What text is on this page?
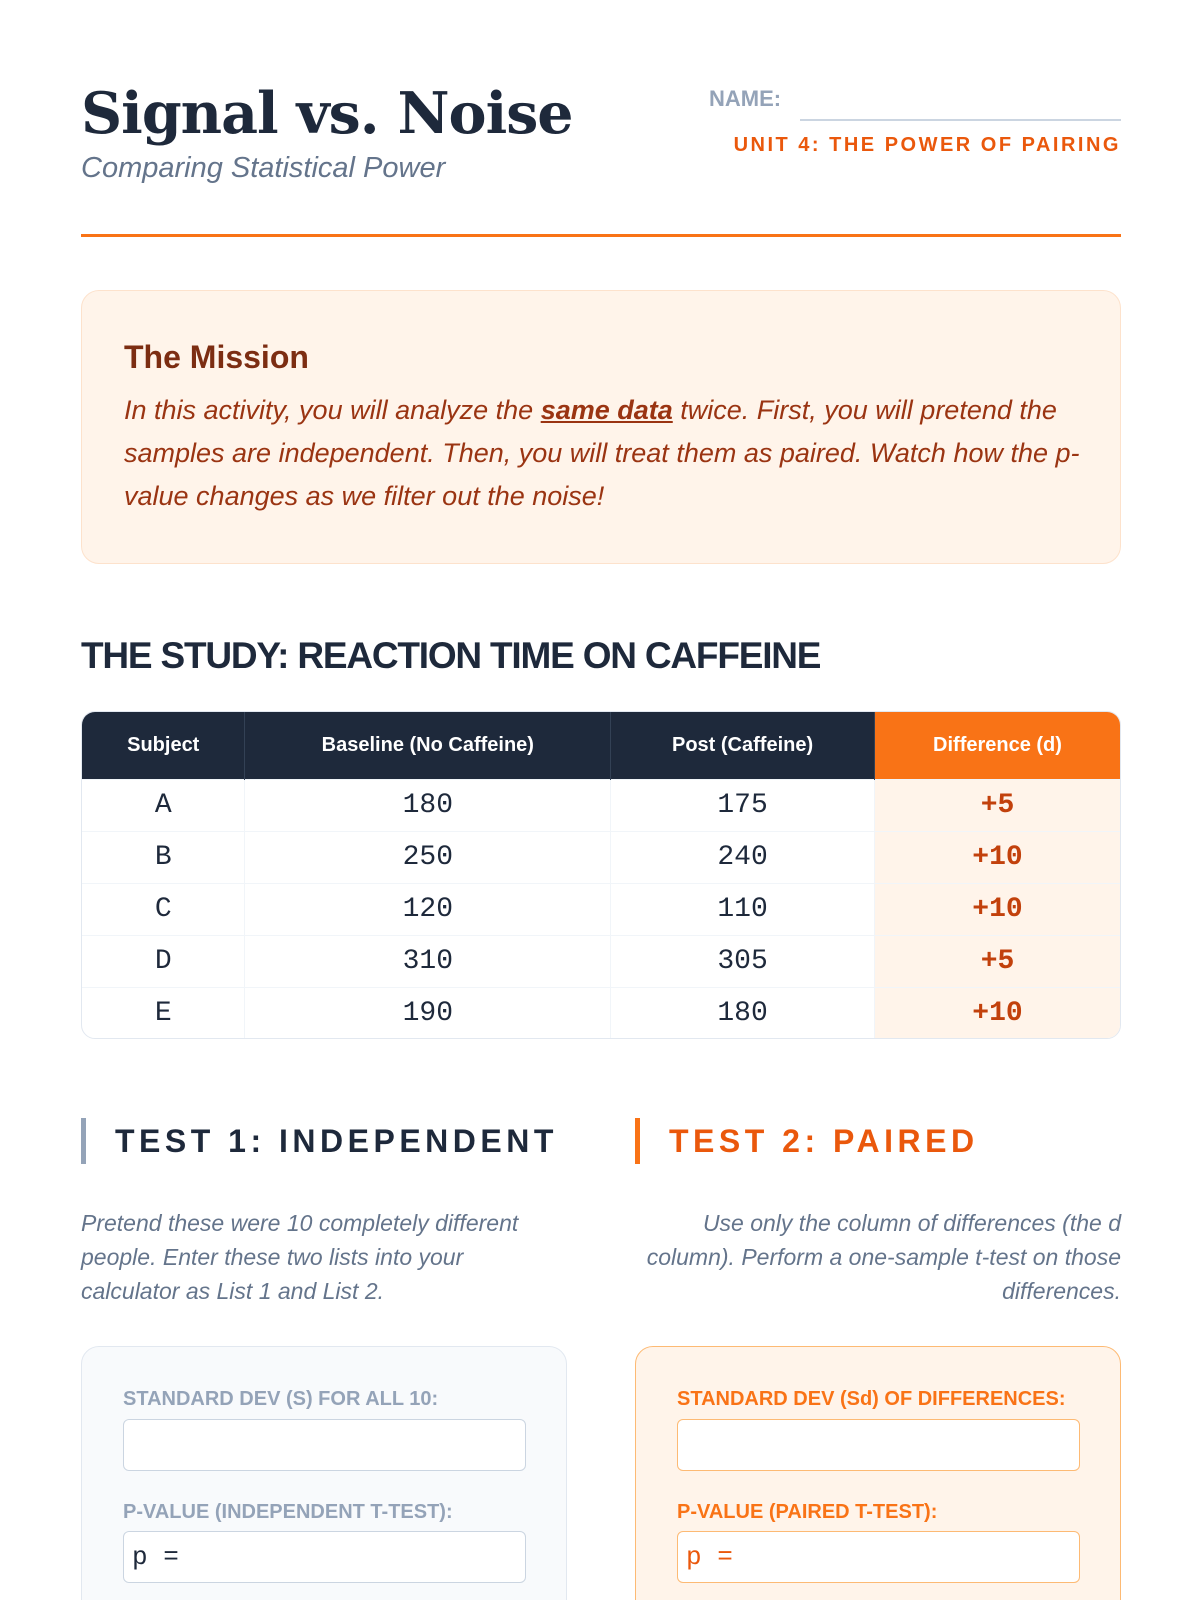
Signal vs. Noise
Comparing Statistical Power
NAME:
UNIT 4: THE POWER OF PAIRING
The Mission

In this activity, you will analyze the same data twice. First, you will pretend the samples are independent. Then, you will treat them as paired. Watch how the p-value changes as we filter out the noise!

THE STUDY: REACTION TIME ON CAFFEINE
Subject	Baseline (No Caffeine)	Post (Caffeine)	Difference (d)
A	180	175	+5
B	250	240	+10
C	120	110	+10
D	310	305	+5
E	190	180	+10
TEST 1: INDEPENDENT

Pretend these were 10 completely different people. Enter these two lists into your calculator as List 1 and List 2.

STANDARD DEV (S) FOR ALL 10:
P-VALUE (INDEPENDENT T-TEST):
p =
TEST 2: PAIRED

Use only the column of differences (the d column). Perform a one-sample t-test on those differences.

STANDARD DEV (Sd) OF DIFFERENCES:
P-VALUE (PAIRED T-TEST):
p =
